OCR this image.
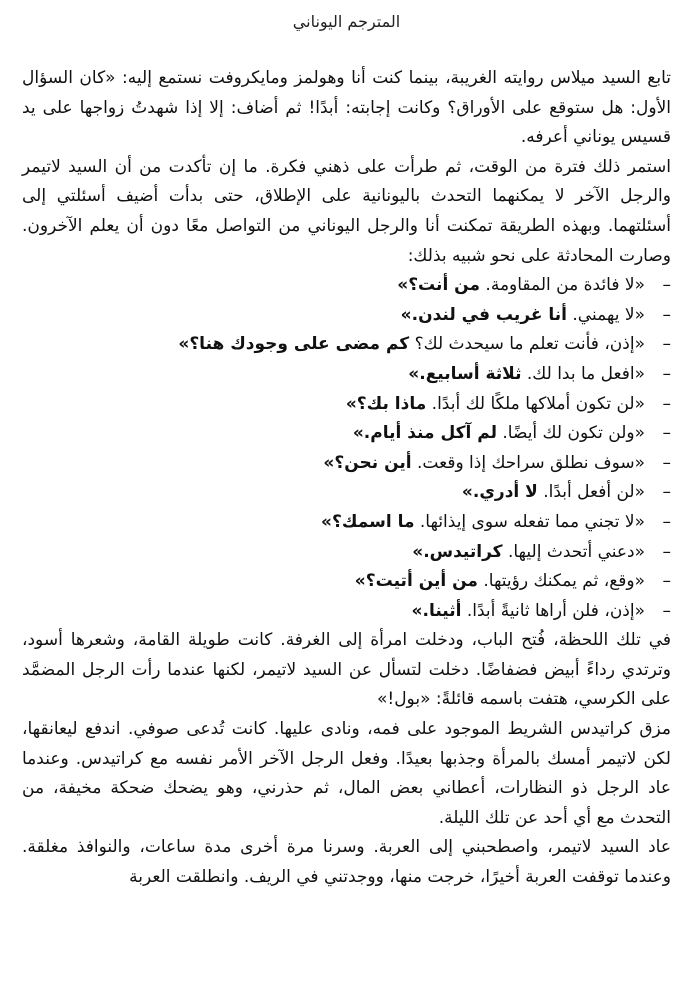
المترجم اليوناني

تابع السيد ميلاس روايته الغريبة، بينما كنت أنا وهولمز ومايكروفت نستمع إليه: «كان السؤال الأول: هل ستوقع على الأوراق؟ وكانت إجابته: أبدًا! ثم أضاف: إلا إذا شهدتُ زواجها على يد قسيس يوناني أعرفه.

استمر ذلك فترة من الوقت، ثم طرأت على ذهني فكرة. ما إن تأكدت من أن السيد لاتيمر والرجل الآخر لا يمكنهما التحدث باليونانية على الإطلاق، حتى بدأت أضيف أسئلتي إلى أسئلتهما. وبهذه الطريقة تمكنت أنا والرجل اليوناني من التواصل معًا دون أن يعلم الآخرون. وصارت المحادثة على نحو شبيه بذلك:

–«لا فائدة من المقاومة. من أنت؟»
–«لا يهمني. أنا غريب في لندن.»
–«إذن، فأنت تعلم ما سيحدث لك؟ كم مضى على وجودك هنا؟»
–«افعل ما بدا لك. ثلاثة أسابيع.»
–«لن تكون أملاكها ملكًا لك أبدًا. ماذا بك؟»
–«ولن تكون لك أيضًا. لم آكل منذ أيام.»
–«سوف نطلق سراحك إذا وقعت. أين نحن؟»
–«لن أفعل أبدًا. لا أدري.»
–«لا تجني مما تفعله سوى إيذائها. ما اسمك؟»
–«دعني أتحدث إليها. كراتيدس.»
–«وقع، ثم يمكنك رؤيتها. من أين أتيت؟»
–«إذن، فلن أراها ثانيةً أبدًا. أثينا.»

في تلك اللحظة، فُتح الباب، ودخلت امرأة إلى الغرفة. كانت طويلة القامة، وشعرها أسود، وترتدي رداءً أبيض فضفاضًا. دخلت لتسأل عن السيد لاتيمر، لكنها عندما رأت الرجل المضمَّد على الكرسي، هتفت باسمه قائلةً: «بول!»

مزق كراتيدس الشريط الموجود على فمه، ونادى عليها. كانت تُدعى صوفي. اندفع ليعانقها، لكن لاتيمر أمسك بالمرأة وجذبها بعيدًا. وفعل الرجل الآخر الأمر نفسه مع كراتيدس. وعندما عاد الرجل ذو النظارات، أعطاني بعض المال، ثم حذرني، وهو يضحك ضحكة مخيفة، من التحدث مع أي أحد عن تلك الليلة.

عاد السيد لاتيمر، واصطحبني إلى العربة. وسرنا مرة أخرى مدة ساعات، والنوافذ مغلقة. وعندما توقفت العربة أخيرًا، خرجت منها، ووجدتني في الريف. وانطلقت العربة
